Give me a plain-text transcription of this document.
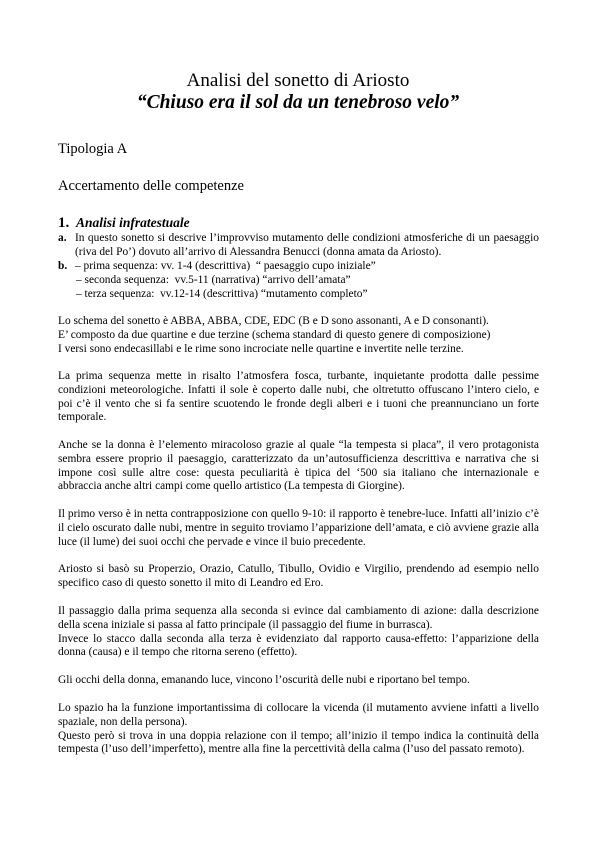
Analisi del sonetto di Ariosto
“Chiuso era il sol da un tenebroso velo”
Tipologia A
Accertamento delle competenze
1. Analisi infratestuale
a. In questo sonetto si descrive l’improvviso mutamento delle condizioni atmosferiche di un paesaggio (riva del Po’) dovuto all’arrivo di Alessandra Benucci (donna amata da Ariosto).
b. – prima sequenza: vv. 1-4 (descrittiva)  “ paesaggio cupo iniziale”
– seconda sequenza:  vv.5-11 (narrativa) “arrivo dell’amata”
– terza sequenza:  vv.12-14 (descrittiva) “mutamento completo”

Lo schema del sonetto è ABBA, ABBA, CDE, EDC (B e D sono assonanti, A e D consonanti).

E’ composto da due quartine e due terzine (schema standard di questo genere di composizione)

I versi sono endecasillabi e le rime sono incrociate nelle quartine e invertite nelle terzine.

La prima sequenza mette in risalto l’atmosfera fosca, turbante, inquietante prodotta dalle pessime condizioni meteorologiche. Infatti il sole è coperto dalle nubi, che oltretutto offuscano l’intero cielo, e poi c’è il vento che si fa sentire scuotendo le fronde degli alberi e i tuoni che preannunciano un forte temporale.
Anche se la donna è l’elemento miracoloso grazie al quale “la tempesta si placa”, il vero protagonista sembra essere proprio il paesaggio, caratterizzato da un’autosufficienza descrittiva e narrativa che si impone così sulle altre cose: questa peculiarità è tipica del ‘500 sia italiano che internazionale e abbraccia anche altri campi come quello artistico (La tempesta di Giorgine).
Il primo verso è in netta contrapposizione con quello 9-10: il rapporto è tenebre-luce. Infatti all’inizio c’è il cielo oscurato dalle nubi, mentre in seguito troviamo l’apparizione dell’amata, e ciò avviene grazie alla luce (il lume) dei suoi occhi che pervade e vince il buio precedente.
Ariosto si basò su Properzio, Orazio, Catullo, Tibullo, Ovidio e Virgilio, prendendo ad esempio nello specifico caso di questo sonetto il mito di Leandro ed Ero.

Il passaggio dalla prima sequenza alla seconda si evince dal cambiamento di azione: dalla descrizione della scena iniziale si passa al fatto principale (il passaggio del fiume in burrasca).

Invece lo stacco dalla seconda alla terza è evidenziato dal rapporto causa-effetto: l’apparizione della donna (causa) e il tempo che ritorna sereno (effetto).

Gli occhi della donna, emanando luce, vincono l’oscurità delle nubi e riportano bel tempo.

Lo spazio ha la funzione importantissima di collocare la vicenda (il mutamento avviene infatti a livello spaziale, non della persona).

Questo però si trova in una doppia relazione con il tempo; all’inizio il tempo indica la continuità della tempesta (l’uso dell’imperfetto), mentre alla fine la percettività della calma (l’uso del passato remoto).
